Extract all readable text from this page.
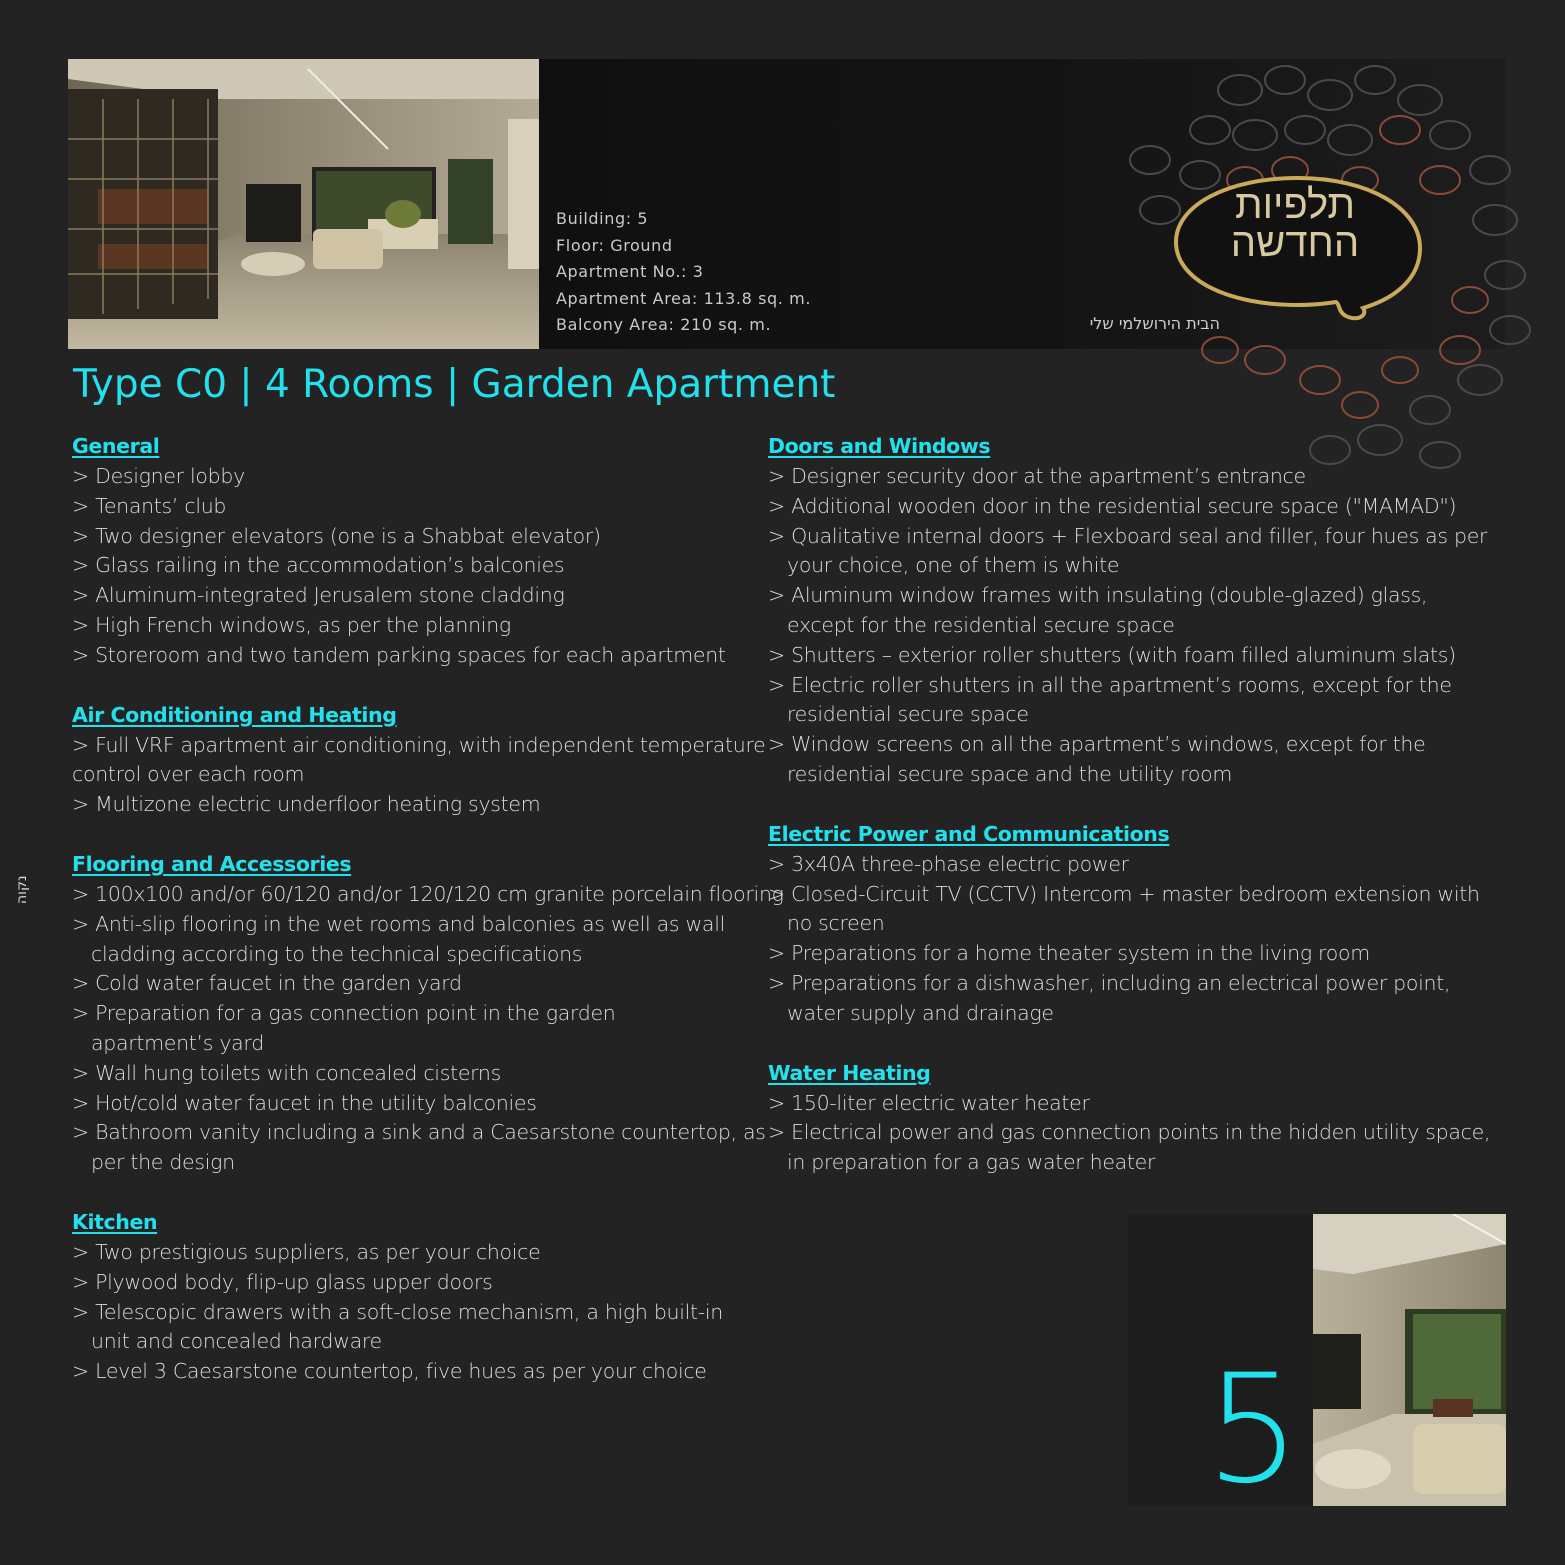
תלפיות
החדשה
הבית הירושלמי שלי
Building: 5
Floor: Ground
Apartment No.: 3
Apartment Area: 113.8 sq. m.
Balcony Area: 210 sq. m.
Type C0 | 4 Rooms | Garden Apartment
General
> Designer lobby
> Tenants’ club
> Two designer elevators (one is a Shabbat elevator)
> Glass railing in the accommodation’s balconies
> Aluminum-integrated Jerusalem stone cladding
> High French windows, as per the planning
> Storeroom and two tandem parking spaces for each apartment
Air Conditioning and Heating
> Full VRF apartment air conditioning, with independent temperature
control over each room
> Multizone electric underfloor heating system
Flooring and Accessories
> 100x100 and/or 60/120 and/or 120/120 cm granite porcelain flooring
> Anti-slip flooring in the wet rooms and balconies as well as wall
cladding according to the technical specifications
> Cold water faucet in the garden yard
> Preparation for a gas connection point in the garden
apartment’s yard
> Wall hung toilets with concealed cisterns
> Hot/cold water faucet in the utility balconies
> Bathroom vanity including a sink and a Caesarstone countertop, as
per the design
Kitchen
> Two prestigious suppliers, as per your choice
> Plywood body, flip-up glass upper doors
> Telescopic drawers with a soft-close mechanism, a high built-in
unit and concealed hardware
> Level 3 Caesarstone countertop, five hues as per your choice
Doors and Windows
> Designer security door at the apartment’s entrance
> Additional wooden door in the residential secure space ("MAMAD")
> Qualitative internal doors + Flexboard seal and filler, four hues as per
your choice, one of them is white
> Aluminum window frames with insulating (double-glazed) glass,
except for the residential secure space
> Shutters – exterior roller shutters (with foam filled aluminum slats)
> Electric roller shutters in all the apartment’s rooms, except for the
residential secure space
> Window screens on all the apartment’s windows, except for the
residential secure space and the utility room
Electric Power and Communications
> 3x40A three-phase electric power
> Closed-Circuit TV (CCTV) Intercom + master bedroom extension with
no screen
> Preparations for a home theater system in the living room
> Preparations for a dishwasher, including an electrical power point,
water supply and drainage
Water Heating
> 150-liter electric water heater
> Electrical power and gas connection points in the hidden utility space,
in preparation for a gas water heater
נקוה
5
